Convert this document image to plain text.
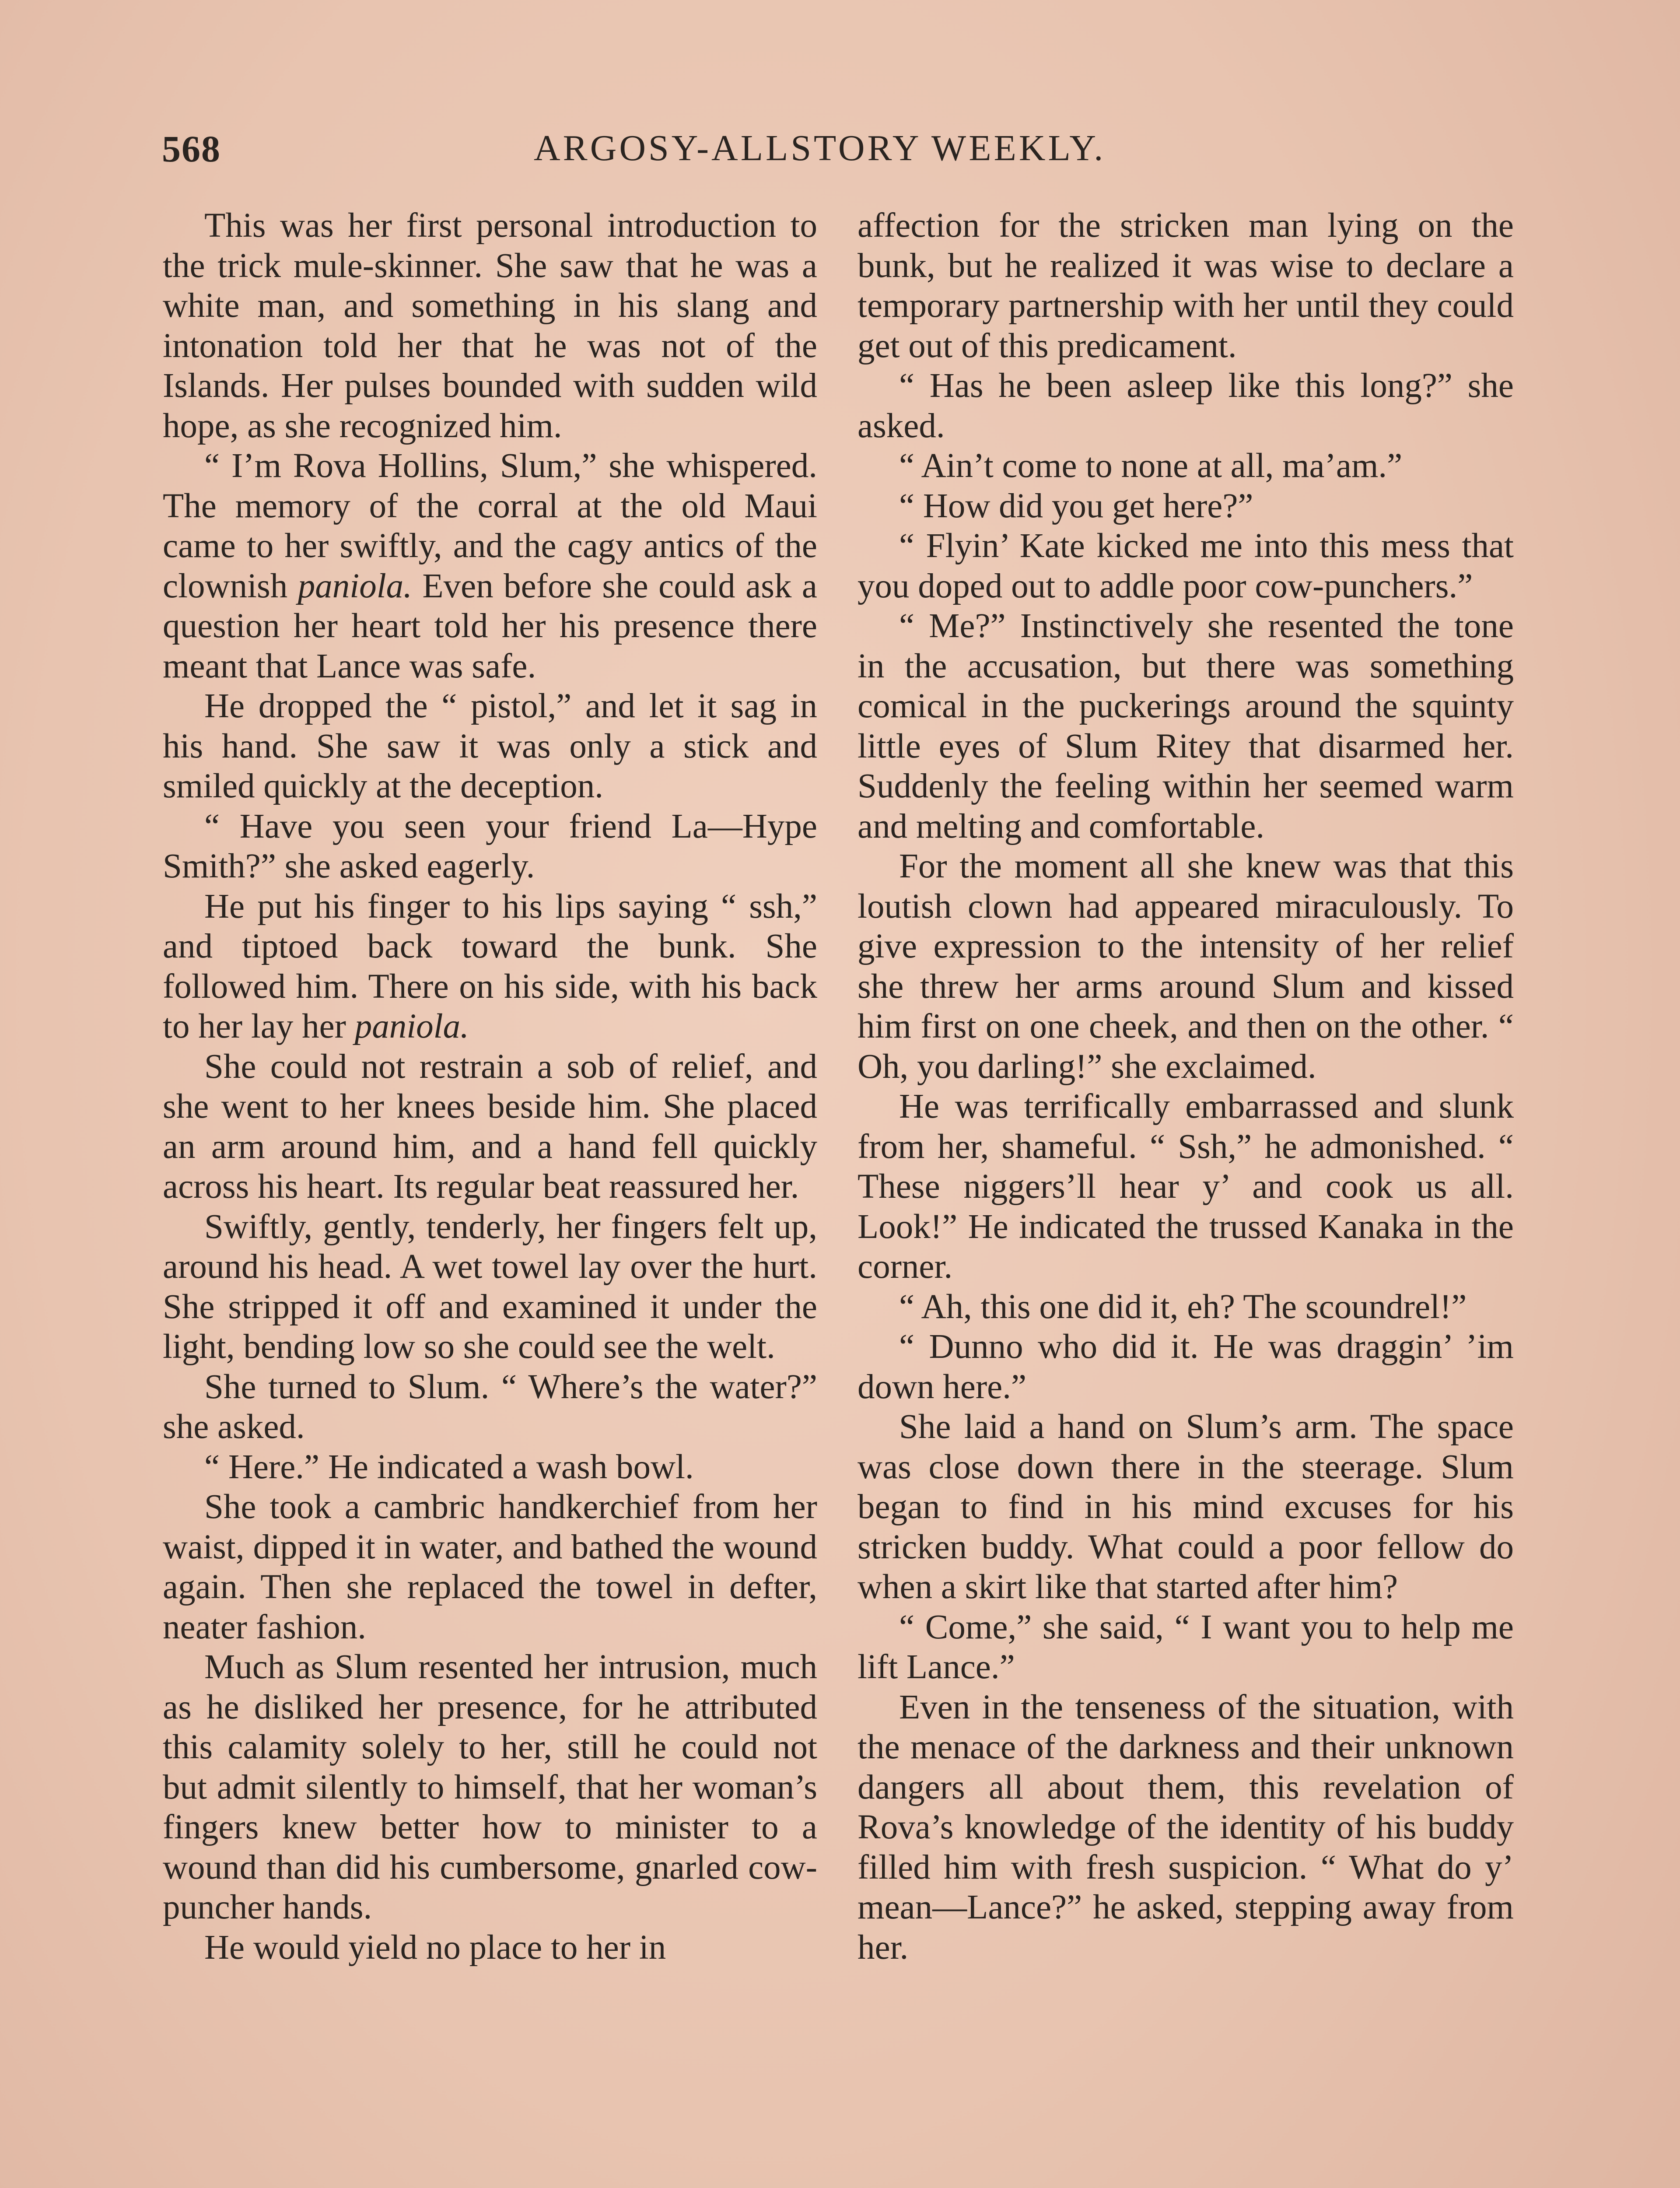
568	ARGOSY-ALLSTORY WEEKLY.

This was her first personal introduction to the trick mule-skinner. She saw that he was a white man, and something in his slang and intonation told her that he was not of the Islands. Her pulses bounded with sudden wild hope, as she recognized him.

“ I’m Rova Hollins, Slum,” she whispered. The memory of the corral at the old Maui came to her swiftly, and the cagy antics of the clownish paniola. Even before she could ask a question her heart told her his presence there meant that Lance was safe.

He dropped the “ pistol,” and let it sag in his hand. She saw it was only a stick and smiled quickly at the deception.

“ Have you seen your friend La—Hype Smith?” she asked eagerly.

He put his finger to his lips saying “ ssh,” and tiptoed back toward the bunk. She followed him. There on his side, with his back to her lay her paniola.

She could not restrain a sob of relief, and she went to her knees beside him. She placed an arm around him, and a hand fell quickly across his heart. Its regular beat reassured her.

Swiftly, gently, tenderly, her fingers felt up, around his head. A wet towel lay over the hurt. She stripped it off and examined it under the light, bending low so she could see the welt.

She turned to Slum. “ Where’s the water?” she asked.

“ Here.” He indicated a wash bowl.

She took a cambric handkerchief from her waist, dipped it in water, and bathed the wound again. Then she replaced the towel in defter, neater fashion.

Much as Slum resented her intrusion, much as he disliked her presence, for he attributed this calamity solely to her, still he could not but admit silently to himself, that her woman’s fingers knew better how to minister to a wound than did his cumbersome, gnarled cow-puncher hands.

He would yield no place to her in

affection for the stricken man lying on the bunk, but he realized it was wise to declare a temporary partnership with her until they could get out of this predicament.

“ Has he been asleep like this long?” she asked.

“ Ain’t come to none at all, ma’am.”

“ How did you get here?”

“ Flyin’ Kate kicked me into this mess that you doped out to addle poor cow-punchers.”

“ Me?” Instinctively she resented the tone in the accusation, but there was something comical in the puckerings around the squinty little eyes of Slum Ritey that disarmed her. Suddenly the feeling within her seemed warm and melting and comfortable.

For the moment all she knew was that this loutish clown had appeared miraculously. To give expression to the intensity of her relief she threw her arms around Slum and kissed him first on one cheek, and then on the other. “ Oh, you darling!” she exclaimed.

He was terrifically embarrassed and slunk from her, shameful. “ Ssh,” he admonished. “ These niggers’ll hear y’ and cook us all. Look!” He indicated the trussed Kanaka in the corner.

“ Ah, this one did it, eh? The scoundrel!”

“ Dunno who did it. He was draggin’ ’im down here.”

She laid a hand on Slum’s arm. The space was close down there in the steerage. Slum began to find in his mind excuses for his stricken buddy. What could a poor fellow do when a skirt like that started after him?

“ Come,” she said, “ I want you to help me lift Lance.”

Even in the tenseness of the situation, with the menace of the darkness and their unknown dangers all about them, this revelation of Rova’s knowledge of the identity of his buddy filled him with fresh suspicion. “ What do y’ mean—Lance?” he asked, stepping away from her.
